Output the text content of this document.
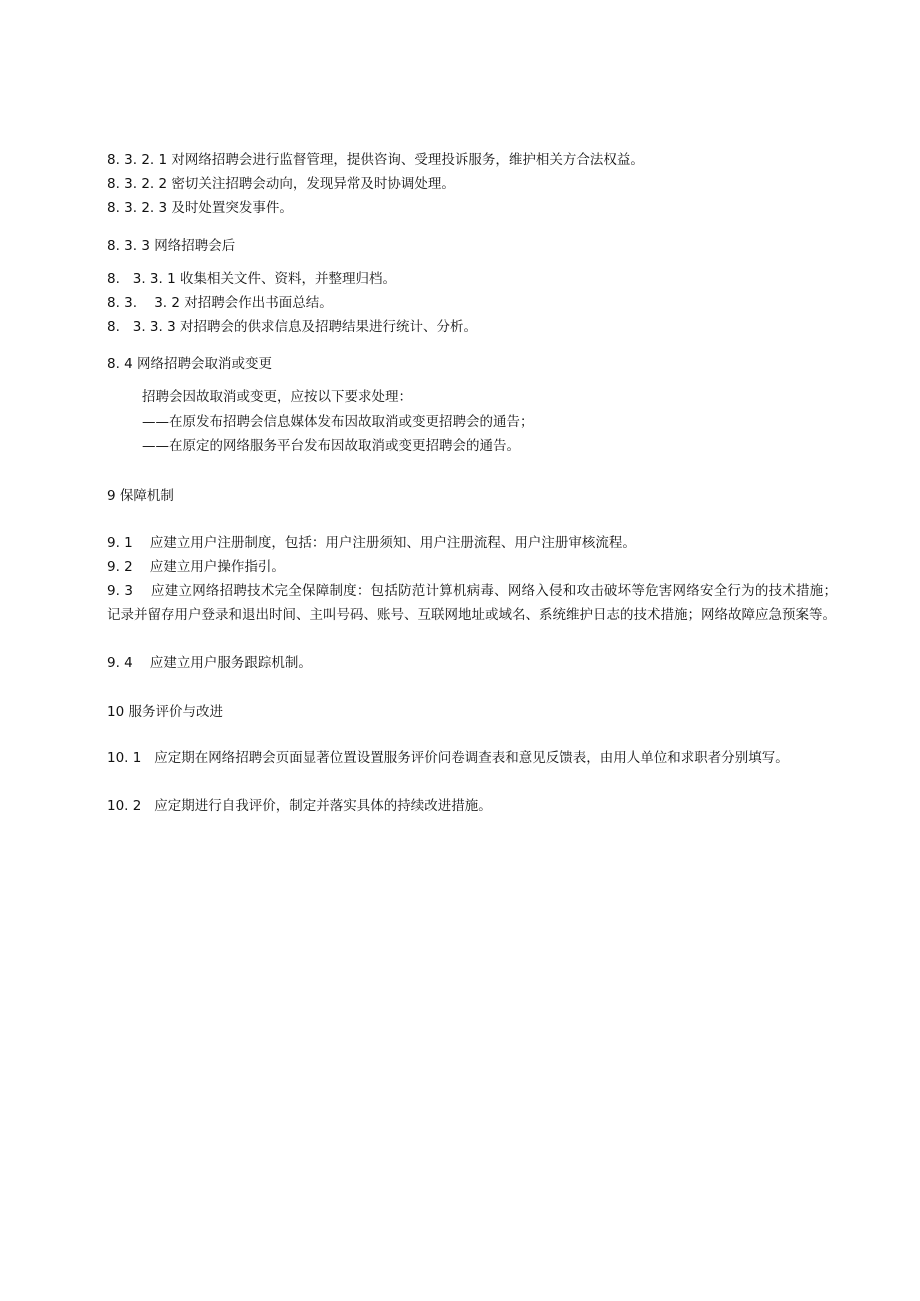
8. 3. 2. 1 对网络招聘会进行监督管理，提供咨询、受理投诉服务，维护相关方合法权益。

8. 3. 2. 2 密切关注招聘会动向，发现异常及时协调处理。

8. 3. 2. 3 及时处置突发事件。

8. 3. 3 网络招聘会后

8.   3. 3. 1 收集相关文件、资料，并整理归档。

8. 3.    3. 2 对招聘会作出书面总结。

8.   3. 3. 3 对招聘会的供求信息及招聘结果进行统计、分析。

8. 4 网络招聘会取消或变更

招聘会因故取消或变更，应按以下要求处理：

——在原发布招聘会信息媒体发布因故取消或变更招聘会的通告；

——在原定的网络服务平台发布因故取消或变更招聘会的通告。

9 保障机制

9. 1    应建立用户注册制度，包括：用户注册须知、用户注册流程、用户注册审核流程。

9. 2    应建立用户操作指引。

9. 3    应建立网络招聘技术完全保障制度：包括防范计算机病毒、网络入侵和攻击破坏等危害网络安全行为的技术措施；记录并留存用户登录和退出时间、主叫号码、账号、互联网地址或域名、系统维护日志的技术措施；网络故障应急预案等。

9. 4    应建立用户服务跟踪机制。

10 服务评价与改进

10. 1   应定期在网络招聘会页面显著位置设置服务评价问卷调查表和意见反馈表，由用人单位和求职者分别填写。

10. 2   应定期进行自我评价，制定并落实具体的持续改进措施。
